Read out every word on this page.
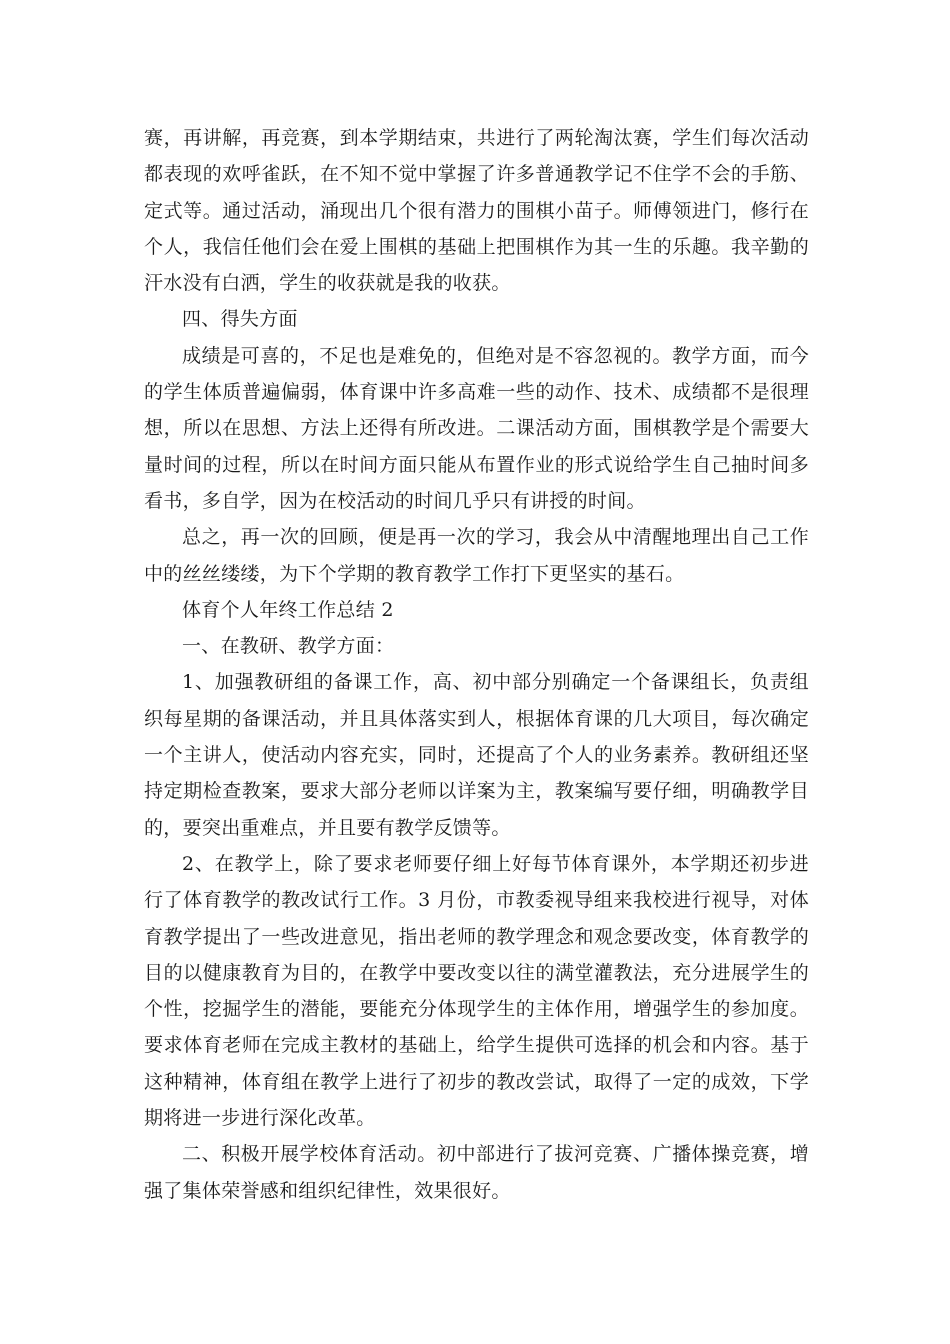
赛，再讲解，再竞赛，到本学期结束，共进行了两轮淘汰赛，学生们每次活动都表现的欢呼雀跃，在不知不觉中掌握了许多普通教学记不住学不会的手筋、定式等。通过活动，涌现出几个很有潜力的围棋小苗子。师傅领进门，修行在个人，我信任他们会在爱上围棋的基础上把围棋作为其一生的乐趣。我辛勤的汗水没有白洒，学生的收获就是我的收获。

四、得失方面

成绩是可喜的，不足也是难免的，但绝对是不容忽视的。教学方面，而今的学生体质普遍偏弱，体育课中许多高难一些的动作、技术、成绩都不是很理想，所以在思想、方法上还得有所改进。二课活动方面，围棋教学是个需要大量时间的过程，所以在时间方面只能从布置作业的形式说给学生自己抽时间多看书，多自学，因为在校活动的时间几乎只有讲授的时间。

总之，再一次的回顾，便是再一次的学习，我会从中清醒地理出自己工作中的丝丝缕缕，为下个学期的教育教学工作打下更坚实的基石。

体育个人年终工作总结 2

一、在教研、教学方面：

1、加强教研组的备课工作，高、初中部分别确定一个备课组长，负责组织每星期的备课活动，并且具体落实到人，根据体育课的几大项目，每次确定一个主讲人，使活动内容充实，同时，还提高了个人的业务素养。教研组还坚持定期检查教案，要求大部分老师以详案为主，教案编写要仔细，明确教学目的，要突出重难点，并且要有教学反馈等。

2、在教学上，除了要求老师要仔细上好每节体育课外，本学期还初步进行了体育教学的教改试行工作。3 月份，市教委视导组来我校进行视导，对体育教学提出了一些改进意见，指出老师的教学理念和观念要改变，体育教学的目的以健康教育为目的，在教学中要改变以往的满堂灌教法，充分进展学生的个性，挖掘学生的潜能，要能充分体现学生的主体作用，增强学生的参加度。要求体育老师在完成主教材的基础上，给学生提供可选择的机会和内容。基于这种精神，体育组在教学上进行了初步的教改尝试，取得了一定的成效，下学期将进一步进行深化改革。

二、积极开展学校体育活动。初中部进行了拔河竞赛、广播体操竞赛，增强了集体荣誉感和组织纪律性，效果很好。
